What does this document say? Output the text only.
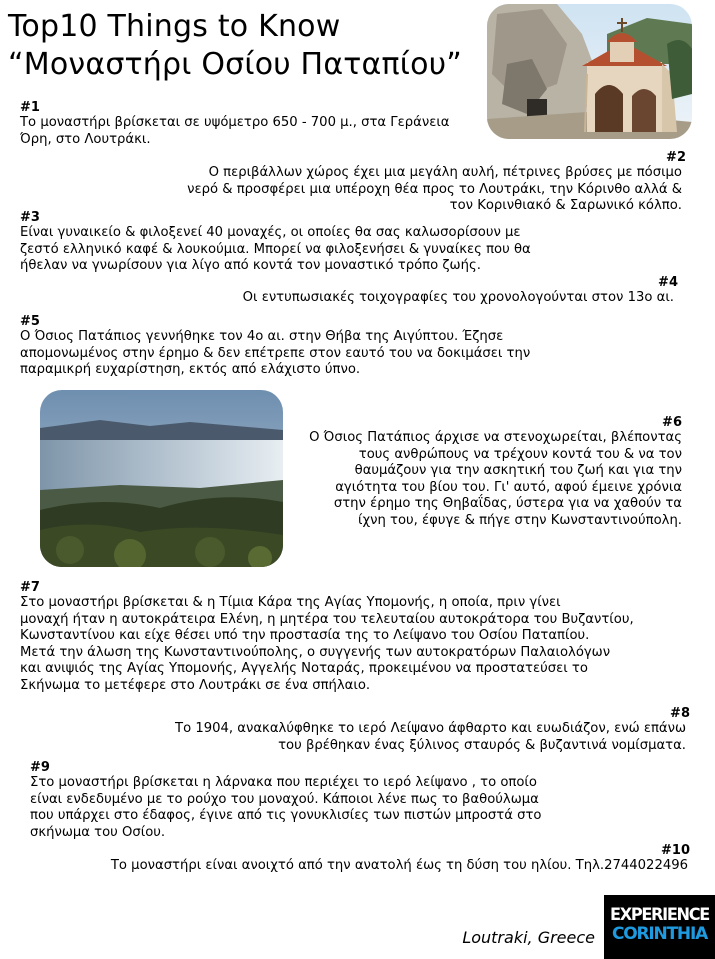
Top10 Things to Know
“Μοναστήρι Οσίου Παταπίου”
#1
Το μοναστήρι βρίσκεται σε υψόμετρο 650 - 700 μ., στα Γεράνεια
Όρη, στο Λουτράκι.
#2
Ο περιβάλλων χώρος έχει μια μεγάλη αυλή, πέτρινες βρύσες με πόσιμο
νερό & προσφέρει μια υπέροχη θέα προς το Λουτράκι, την Κόρινθο αλλά &
τον Κορινθιακό & Σαρωνικό κόλπο.
#3
Είναι γυναικείο & φιλοξενεί 40 μοναχές, οι οποίες θα σας καλωσορίσουν με
ζεστό ελληνικό καφέ & λουκούμια. Μπορεί να φιλοξενήσει & γυναίκες που θα
ήθελαν να γνωρίσουν για λίγο από κοντά τον μοναστικό τρόπο ζωής.
#4
Οι εντυπωσιακές τοιχογραφίες του χρονολογούνται στον 13ο αι.
#5
Ο Όσιος Πατάπιος γεννήθηκε τον 4ο αι. στην Θήβα της Αιγύπτου. Έζησε
απομονωμένος στην έρημο & δεν επέτρεπε στον εαυτό του να δοκιμάσει την
παραμικρή ευχαρίστηση, εκτός από ελάχιστο ύπνο.
#6
Ο Όσιος Πατάπιος άρχισε να στενοχωρείται, βλέποντας
τους ανθρώπους να τρέχουν κοντά του & να τον
θαυμάζουν για την ασκητική του ζωή και για την
αγιότητα του βίου του. Γι' αυτό, αφού έμεινε χρόνια
στην έρημο της Θηβαΐδας, ύστερα για να χαθούν τα
ίχνη του, έφυγε & πήγε στην Κωνσταντινούπολη.
#7
Στο μοναστήρι βρίσκεται & η Τίμια Κάρα της Αγίας Υπομονής, η οποία, πριν γίνει
μοναχή ήταν η αυτοκράτειρα Ελένη, η μητέρα του τελευταίου αυτοκράτορα του Βυζαντίου,
Κωνσταντίνου και είχε θέσει υπό την προστασία της το Λείψανο του Οσίου Παταπίου.
Μετά την άλωση της Κωνσταντινούπολης, ο συγγενής των αυτοκρατόρων Παλαιολόγων
και ανιψιός της Αγίας Υπομονής, Αγγελής Νοταράς, προκειμένου να προστατεύσει το
Σκήνωμα το μετέφερε στο Λουτράκι σε ένα σπήλαιο.
#8
Το 1904, ανακαλύφθηκε το ιερό Λείψανο άφθαρτο και ευωδιάζον, ενώ επάνω
του βρέθηκαν ένας ξύλινος σταυρός & βυζαντινά νομίσματα.
#9
Στο μοναστήρι βρίσκεται η λάρνακα που περιέχει το ιερό λείψανο , το οποίο
είναι ενδεδυμένο με το ρούχο του μοναχού. Κάποιοι λένε πως το βαθούλωμα
που υπάρχει στο έδαφος, έγινε από τις γονυκλισίες των πιστών μπροστά στο
σκήνωμα του Οσίου.
#10
Το μοναστήρι είναι ανοιχτό από την ανατολή έως τη δύση του ηλίου. Τηλ.2744022496
Loutraki, Greece
EXPERIENCE
CORINTHIA
